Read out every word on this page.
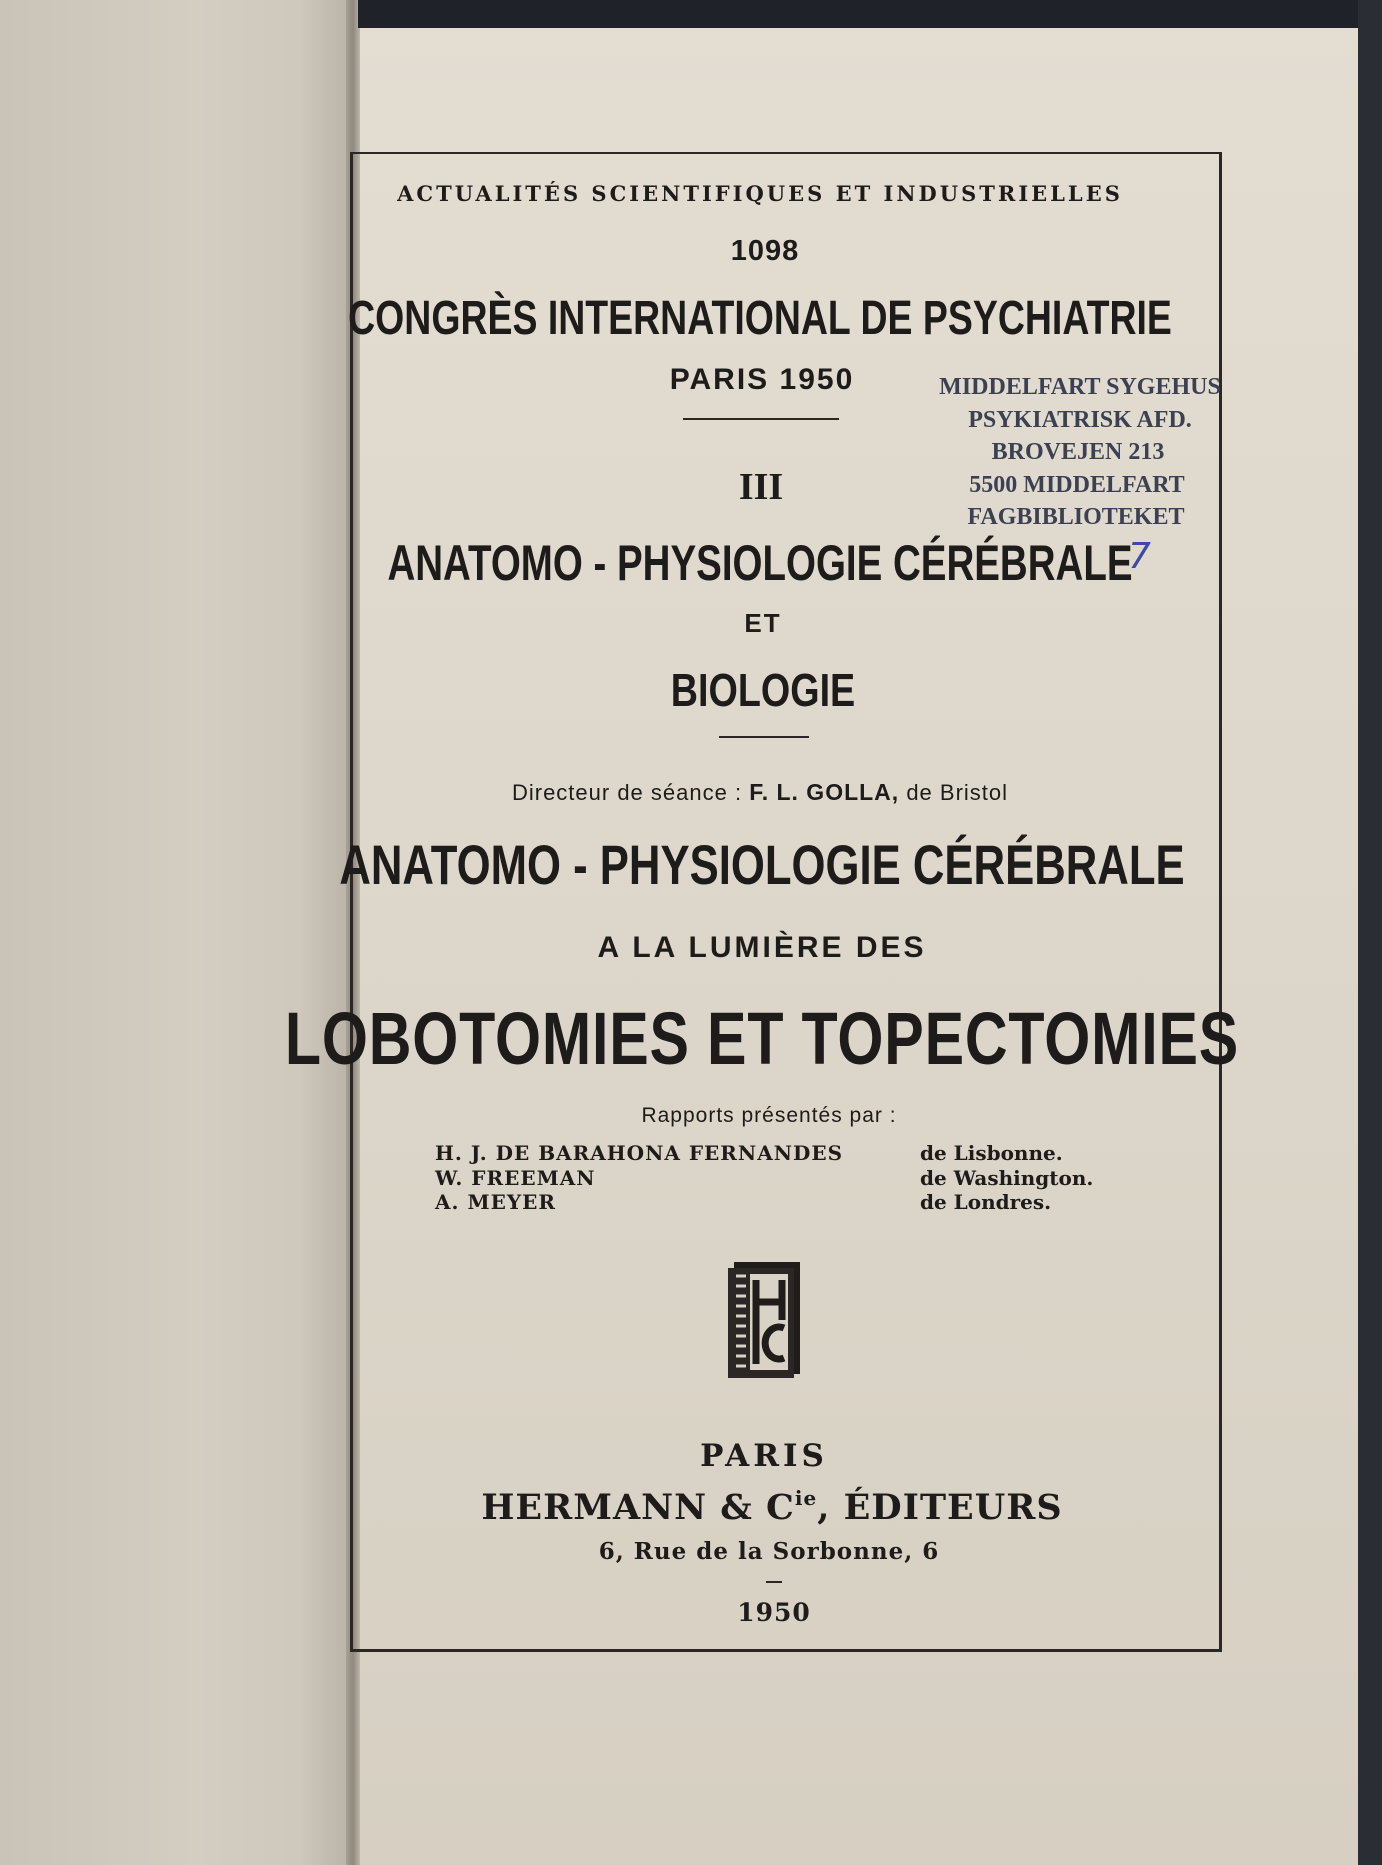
ACTUALITÉS SCIENTIFIQUES ET INDUSTRIELLES
1098
CONGRÈS INTERNATIONAL DE PSYCHIATRIE
PARIS 1950
III
ANATOMO - PHYSIOLOGIE CÉRÉBRALE
ET
BIOLOGIE
Directeur de séance : F. L. GOLLA, de Bristol
ANATOMO - PHYSIOLOGIE CÉRÉBRALE
A LA LUMIÈRE DES
LOBOTOMIES ET TOPECTOMIES
Rapports présentés par :
H. J. DE BARAHONA FERNANDES	de Lisbonne.
W. FREEMAN	de Washington.
A. MEYER	de Londres.
PARIS
HERMANN & $C^{ie}$, ÉDITEURS
6, Rue de la Sorbonne, 6
1950
MIDDELFART SYGEHUS
PSYKIATRISK AFD.
BROVEJEN 213
5500 MIDDELFART
FAGBIBLIOTEKET
7
